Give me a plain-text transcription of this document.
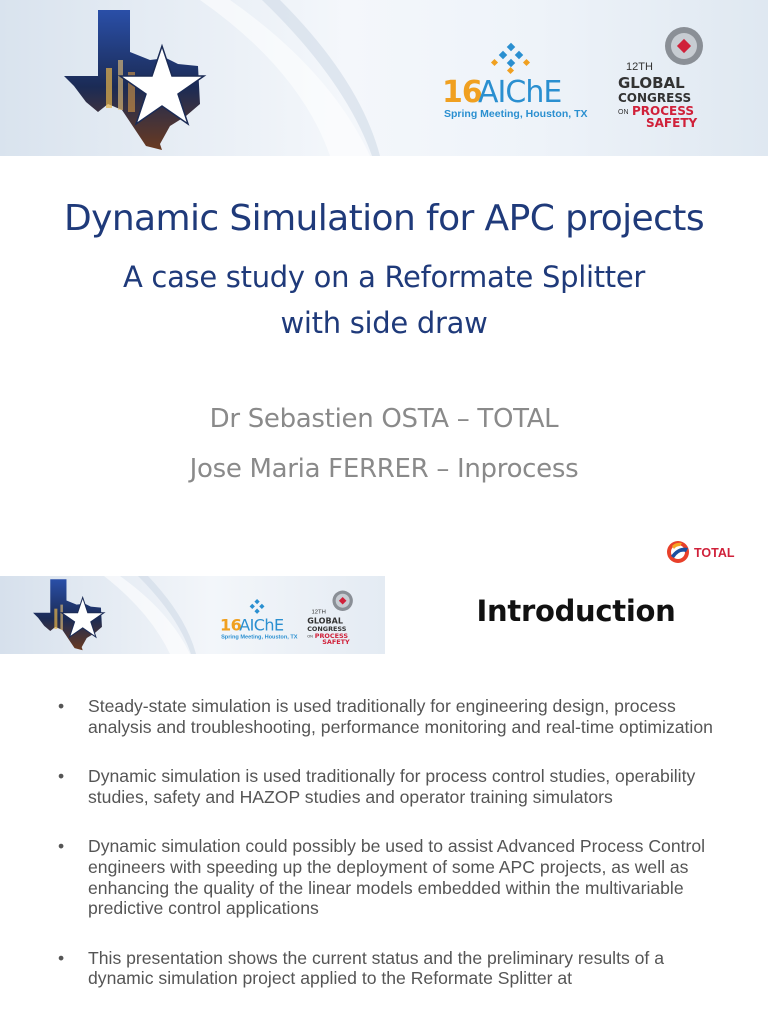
16
AIChE
Spring Meeting, Houston, TX
12TH
GLOBAL
CONGRESS
ON PROCESS
SAFETY
Dynamic Simulation for APC projects
A case study on a Reformate Splitter
with side draw
Dr Sebastien OSTA – TOTAL
Jose Maria FERRER – Inprocess
TOTAL
16
AIChE
Spring Meeting, Houston, TX
12TH
GLOBAL
CONGRESS
ON PROCESS
SAFETY
Introduction
• Steady-state simulation is used traditionally for engineering design, process analysis and troubleshooting, performance monitoring and real-time optimization
• Dynamic simulation is used traditionally for process control studies, operability studies, safety and HAZOP studies and operator training simulators
• Dynamic simulation could possibly be used to assist Advanced Process Control engineers with speeding up the deployment of some APC projects, as well as enhancing the quality of the linear models embedded within the multivariable predictive control applications
• This presentation shows the current status and the preliminary results of a dynamic simulation project applied to the Reformate Splitter at
